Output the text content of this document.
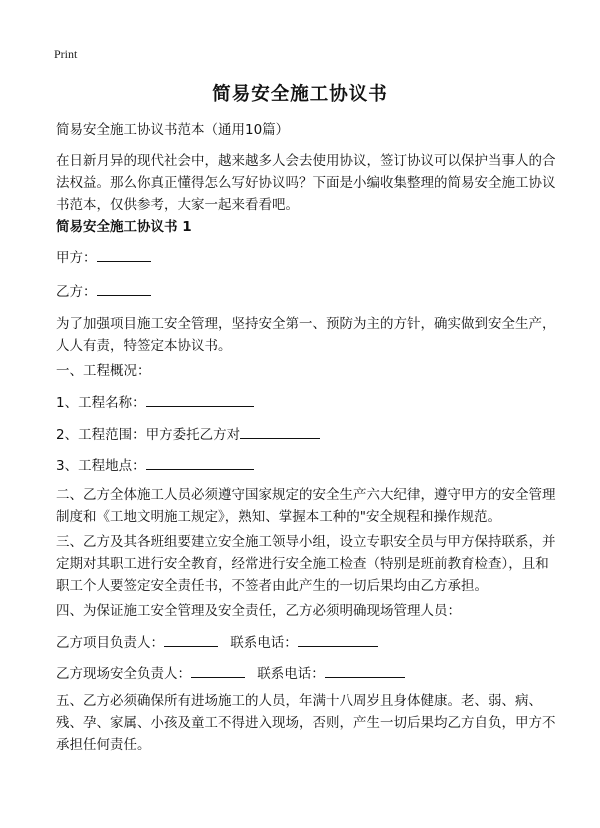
Print
简易安全施工协议书

简易安全施工协议书范本（通用10篇）

在日新月异的现代社会中，越来越多人会去使用协议，签订协议可以保护当事人的合法权益。那么你真正懂得怎么写好协议吗？下面是小编收集整理的简易安全施工协议书范本，仅供参考，大家一起来看看吧。

简易安全施工协议书 1

甲方：

乙方：

为了加强项目施工安全管理，坚持安全第一、预防为主的方针，确实做到安全生产，人人有责，特签定本协议书。

一、工程概况：

1、工程名称：

2、工程范围：甲方委托乙方对

3、工程地点：

二、乙方全体施工人员必须遵守国家规定的安全生产六大纪律，遵守甲方的安全管理制度和《工地文明施工规定》，熟知、掌握本工种的"安全规程和操作规范。

三、乙方及其各班组要建立安全施工领导小组，设立专职安全员与甲方保持联系，并定期对其职工进行安全教育，经常进行安全施工检查（特别是班前教育检查），且和职工个人要签定安全责任书，不签者由此产生的一切后果均由乙方承担。

四、为保证施工安全管理及安全责任，乙方必须明确现场管理人员：

乙方项目负责人：	联系电话：

乙方现场安全负责人：	联系电话：

五、乙方必须确保所有进场施工的人员，年满十八周岁且身体健康。老、弱、病、残、孕、家属、小孩及童工不得进入现场，否则，产生一切后果均乙方自负，甲方不承担任何责任。
